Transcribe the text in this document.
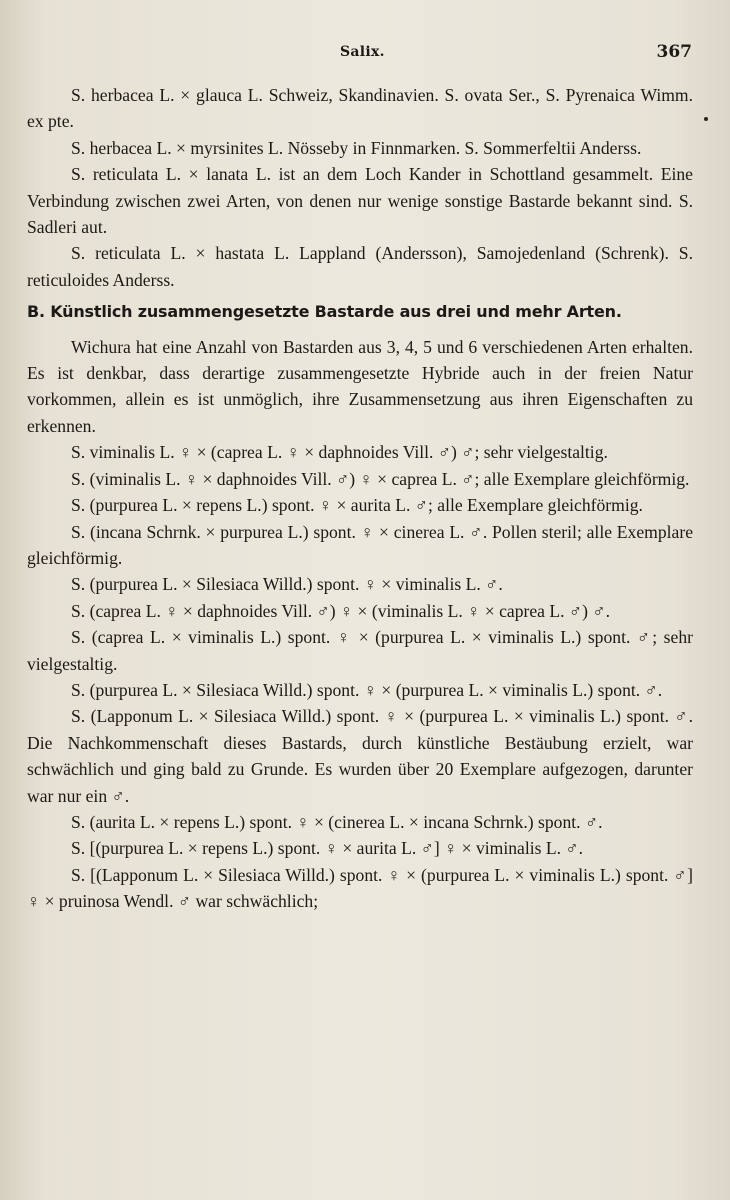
Salix.	367

S. herbacea L. × glauca L. Schweiz, Skandinavien. S. ovata Ser., S. Pyrenaica Wimm. ex pte.

S. herbacea L. × myrsinites L. Nösseby in Finnmarken. S. Sommerfeltii Anderss.

S. reticulata L. × lanata L. ist an dem Loch Kander in Schottland gesammelt. Eine Verbindung zwischen zwei Arten, von denen nur wenige sonstige Bastarde bekannt sind. S. Sadleri aut.

S. reticulata L. × hastata L. Lappland (Andersson), Samojedenland (Schrenk). S. reticuloides Anderss.

B. Künstlich zusammengesetzte Bastarde aus drei und mehr Arten.

Wichura hat eine Anzahl von Bastarden aus 3, 4, 5 und 6 verschiedenen Arten erhalten. Es ist denkbar, dass derartige zusammengesetzte Hybride auch in der freien Natur vorkommen, allein es ist unmöglich, ihre Zusammensetzung aus ihren Eigenschaften zu erkennen.

S. viminalis L. ♀ × (caprea L. ♀ × daphnoides Vill. ♂) ♂; sehr vielgestaltig.

S. (viminalis L. ♀ × daphnoides Vill. ♂) ♀ × caprea L. ♂; alle Exemplare gleichförmig.

S. (purpurea L. × repens L.) spont. ♀ × aurita L. ♂; alle Exemplare gleichförmig.

S. (incana Schrnk. × purpurea L.) spont. ♀ × cinerea L. ♂. Pollen steril; alle Exemplare gleichförmig.

S. (purpurea L. × Silesiaca Willd.) spont. ♀ × viminalis L. ♂.

S. (caprea L. ♀ × daphnoides Vill. ♂) ♀ × (viminalis L. ♀ × caprea L. ♂) ♂.

S. (caprea L. × viminalis L.) spont. ♀ × (purpurea L. × viminalis L.) spont. ♂; sehr vielgestaltig.

S. (purpurea L. × Silesiaca Willd.) spont. ♀ × (purpurea L. × viminalis L.) spont. ♂.

S. (Lapponum L. × Silesiaca Willd.) spont. ♀ × (purpurea L. × viminalis L.) spont. ♂. Die Nachkommenschaft dieses Bastards, durch künstliche Bestäubung erzielt, war schwächlich und ging bald zu Grunde. Es wurden über 20 Exemplare aufgezogen, darunter war nur ein ♂.

S. (aurita L. × repens L.) spont. ♀ × (cinerea L. × incana Schrnk.) spont. ♂.

S. [(purpurea L. × repens L.) spont. ♀ × aurita L. ♂] ♀ × viminalis L. ♂.

S. [(Lapponum L. × Silesiaca Willd.) spont. ♀ × (purpurea L. × viminalis L.) spont. ♂] ♀ × pruinosa Wendl. ♂ war schwächlich;
